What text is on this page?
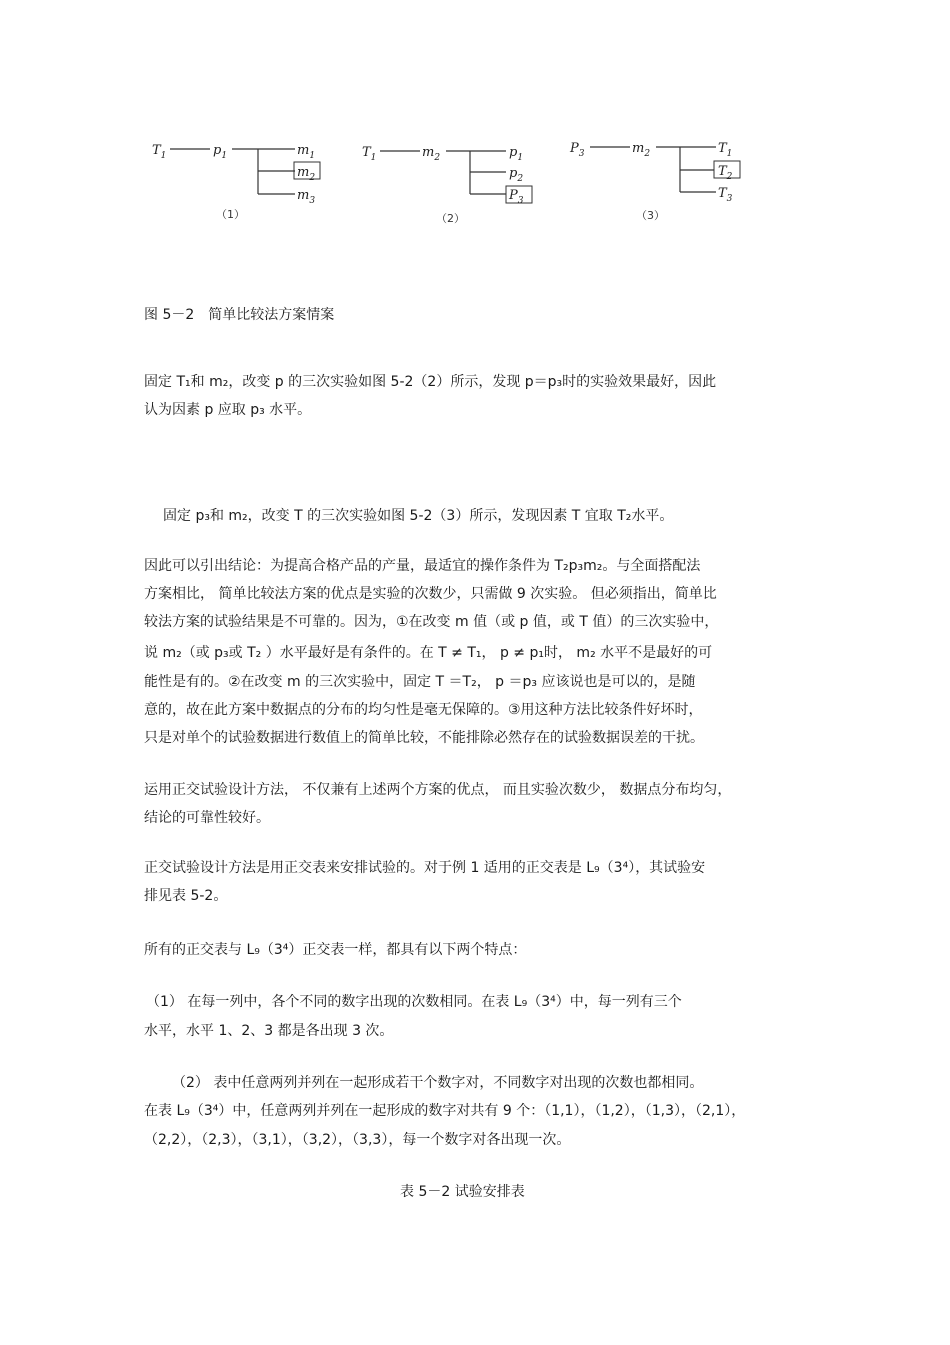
$T_1$	$p_1$	$m_1$
$m_2$
$m_3$
（1）
$T_1$	$m_2$	$p_1$
$p_2$
$P_3$
（2）
$P_3$	$m_2$	$T_1$
$T_2$
$T_3$
（3）
图 5－2　简单比较法方案情案
固定 T₁和 m₂，改变 p 的三次实验如图 5-2（2）所示，发现 p＝p₃时的实验效果最好，因此
认为因素 p 应取 p₃ 水平。
固定 p₃和 m₂，改变 T 的三次实验如图 5-2（3）所示，发现因素 T 宜取 T₂水平。
因此可以引出结论：为提高合格产品的产量，最适宜的操作条件为 T₂p₃m₂。与全面搭配法
方案相比， 简单比较法方案的优点是实验的次数少，只需做 9 次实验。 但必须指出，简单比
较法方案的试验结果是不可靠的。因为，①在改变 m 值（或 p 值，或 T 值）的三次实验中，
说 m₂（或 p₃或 T₂ ）水平最好是有条件的。在 T ≠ T₁， p ≠ p₁时， m₂ 水平不是最好的可
能性是有的。②在改变 m 的三次实验中，固定 T ＝T₂， p ＝p₃ 应该说也是可以的，是随
意的，故在此方案中数据点的分布的均匀性是毫无保障的。③用这种方法比较条件好坏时，
只是对单个的试验数据进行数值上的简单比较，不能排除必然存在的试验数据误差的干扰。
运用正交试验设计方法， 不仅兼有上述两个方案的优点， 而且实验次数少， 数据点分布均匀，
结论的可靠性较好。
正交试验设计方法是用正交表来安排试验的。对于例 1 适用的正交表是 L₉（3⁴），其试验安
排见表 5-2。
所有的正交表与 L₉（3⁴）正交表一样，都具有以下两个特点：
（1） 在每一列中，各个不同的数字出现的次数相同。在表 L₉（3⁴）中，每一列有三个
水平，水平 1、2、3 都是各出现 3 次。
（2） 表中任意两列并列在一起形成若干个数字对，不同数字对出现的次数也都相同。
在表 L₉（3⁴）中，任意两列并列在一起形成的数字对共有 9 个：（1,1），（1,2），（1,3），（2,1），
（2,2），（2,3），（3,1），（3,2），（3,3），每一个数字对各出现一次。
表 5－2 试验安排表
